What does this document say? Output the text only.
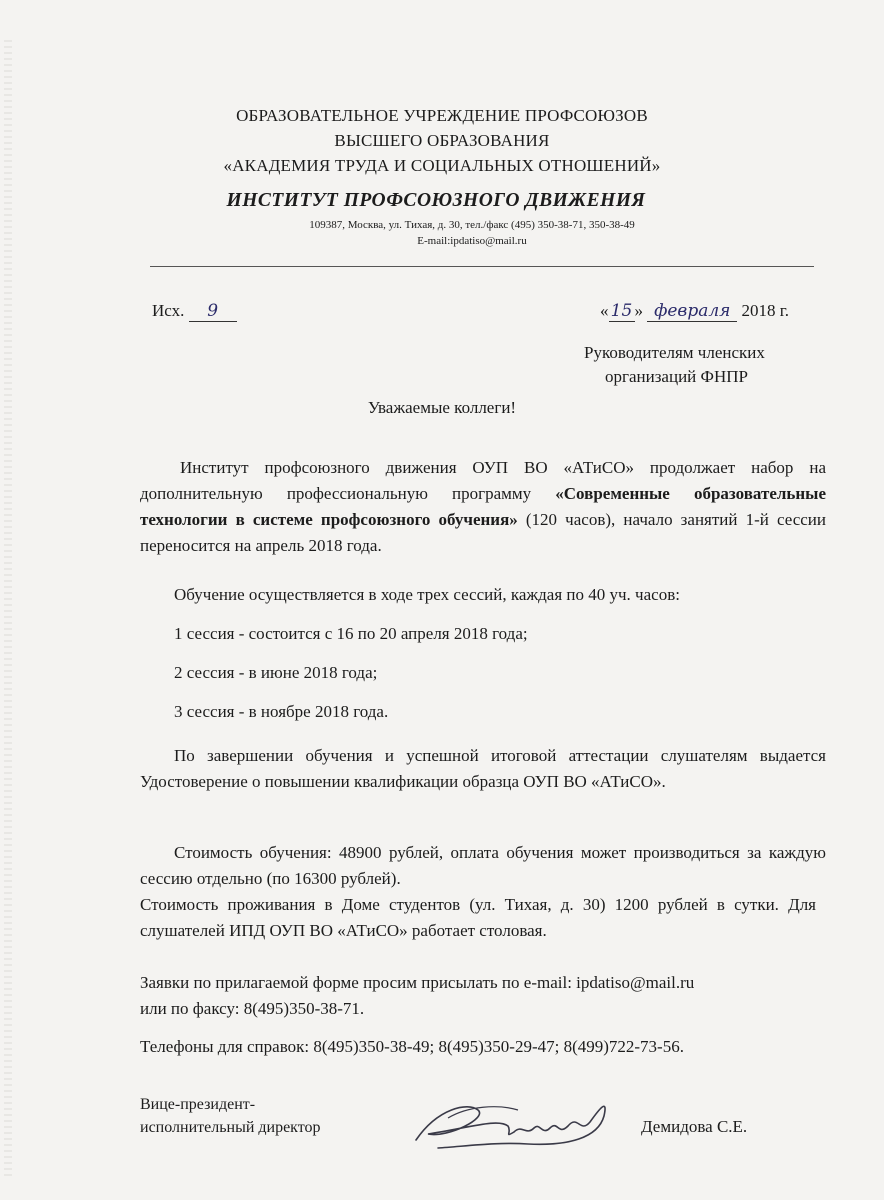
ОБРАЗОВАТЕЛЬНОЕ УЧРЕЖДЕНИЕ ПРОФСОЮЗОВ
ВЫСШЕГО ОБРАЗОВАНИЯ
«АКАДЕМИЯ ТРУДА И СОЦИАЛЬНЫХ ОТНОШЕНИЙ»
ИНСТИТУТ ПРОФСОЮЗНОГО ДВИЖЕНИЯ
109387, Москва, ул. Тихая, д. 30, тел./факс (495) 350-38-71, 350-38-49
E-mail:ipdatiso@mail.ru
Исх. 9	« 15 » февраля 2018 г.
Руководителям членских
организаций ФНПР
Уважаемые коллеги!
Институт профсоюзного движения ОУП ВО «АТиСО» продолжает набор на дополнительную профессиональную программу «Современные образовательные технологии в системе профсоюзного обучения» (120 часов), начало занятий 1-й сессии переносится на апрель 2018 года.
Обучение осуществляется в ходе трех сессий, каждая по 40 уч. часов:
1 сессия - состоится с 16 по 20 апреля 2018 года;
2 сессия - в июне 2018 года;
3 сессия - в ноябре 2018 года.
По завершении обучения и успешной итоговой аттестации слушателям выдается Удостоверение о повышении квалификации образца ОУП ВО «АТиСО».
Стоимость обучения: 48900 рублей, оплата обучения может производиться за каждую сессию отдельно (по 16300 рублей).
Стоимость проживания в Доме студентов (ул. Тихая, д. 30) 1200 рублей в сутки. Для слушателей ИПД ОУП ВО «АТиСО» работает столовая.
Заявки по прилагаемой форме просим присылать по e-mail: ipdatiso@mail.ru
или по факсу: 8(495)350-38-71.
Телефоны для справок: 8(495)350-38-49; 8(495)350-29-47; 8(499)722-73-56.
Вице-президент-
исполнительный директор	Демидова С.Е.
